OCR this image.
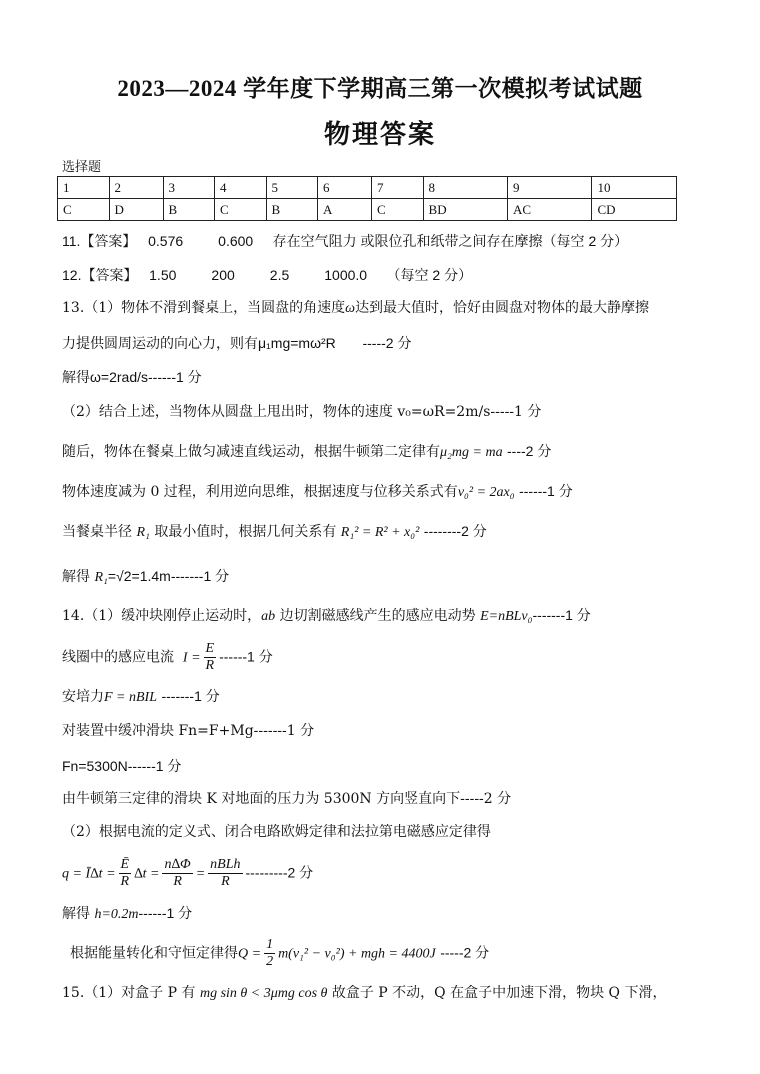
2023—2024 学年度下学期高三第一次模拟考试试题
物理答案
选择题
1	2	3	4	5	6	7	8	9	10
C	D	B	C	B	A	C	BD	AC	CD
11.【答案】 0.576	0.600 存在空气阻力 或限位孔和纸带之间存在摩擦（每空 2 分）
12.【答案】 1.50	200	2.5	1000.0 （每空 2 分）
13.（1）物体不滑到餐桌上，当圆盘的角速度ω达到最大值时，恰好由圆盘对物体的最大静摩擦
力提供圆周运动的向心力，则有μ₁mg=mω²R -----2 分
解得ω=2rad/s------1 分
（2）结合上述，当物体从圆盘上甩出时，物体的速度 v₀=ωR=2m/s-----1 分
随后，物体在餐桌上做匀减速直线运动，根据牛顿第二定律有μ₂mg = ma ----2 分
物体速度减为 0 过程，利用逆向思维，根据速度与位移关系式有v₀² = 2ax₀ ------1 分
当餐桌半径 R₁ 取最小值时，根据几何关系有 R₁² = R² + x₀² --------2 分
解得 R₁=√2=1.4m-------1 分
14.（1）缓冲块刚停止运动时，ab 边切割磁感线产生的感应电动势 E=nBLv₀-------1 分
线圈中的感应电流 $I = \frac{E}{R} ------1$ 分
安培力F = nBIL -------1 分
对装置中缓冲滑块 Fn=F+Mg-------1 分
Fn=5300N------1 分
由牛顿第三定律的滑块 K 对地面的压力为 5300N 方向竖直向下-----2 分
（2）根据电流的定义式、闭合电路欧姆定律和法拉第电磁感应定律得
q = Ī∆t = $\frac{Ē}{R} \Delta t = \frac{n\Delta\Phi}{R} = \frac{\text{nBLh}}{R} ---------2$ 分
解得 h=0.2m------1 分
根据能量转化和守恒定律得$Q = \frac{1}{2} m(v_1^2 - v_0^2)$ + mgh = 4400J -----2 分
15.（1）对盒子 P 有 mg sin θ < 3μmg cos θ 故盒子 P 不动，Q 在盒子中加速下滑，物块 Q 下滑，
